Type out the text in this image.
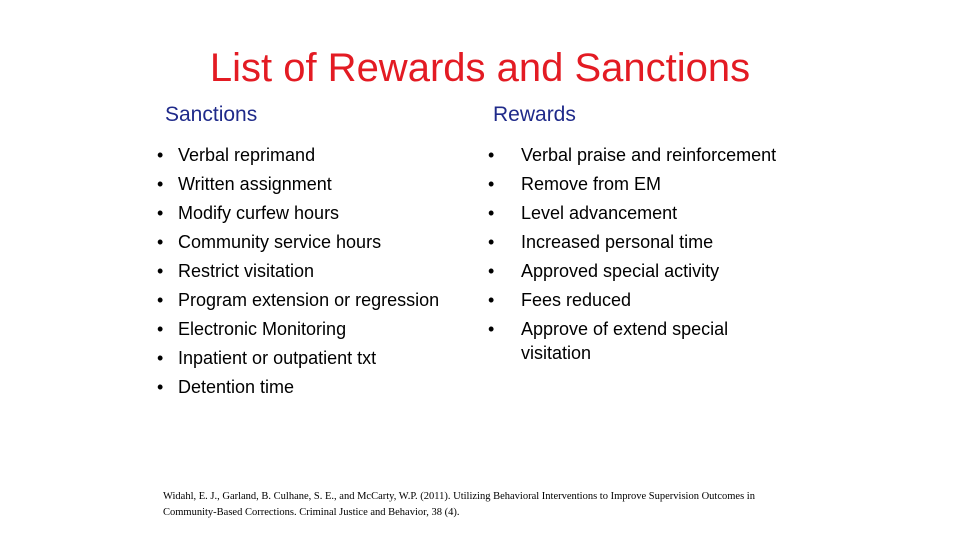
List of Rewards and Sanctions
Sanctions	Rewards
• Verbal reprimand
• Written assignment
• Modify curfew hours
• Community service hours
• Restrict visitation
• Program extension or regression
• Electronic Monitoring
• Inpatient or outpatient txt
• Detention time
• Verbal praise and reinforcement
• Remove from EM
• Level advancement
• Increased personal time
• Approved special activity
• Fees reduced
• Approve of extend special visitation
Widahl, E. J., Garland, B. Culhane, S. E., and McCarty, W.P. (2011). Utilizing Behavioral Interventions to Improve Supervision Outcomes in Community-Based Corrections. Criminal Justice and Behavior, 38 (4).
